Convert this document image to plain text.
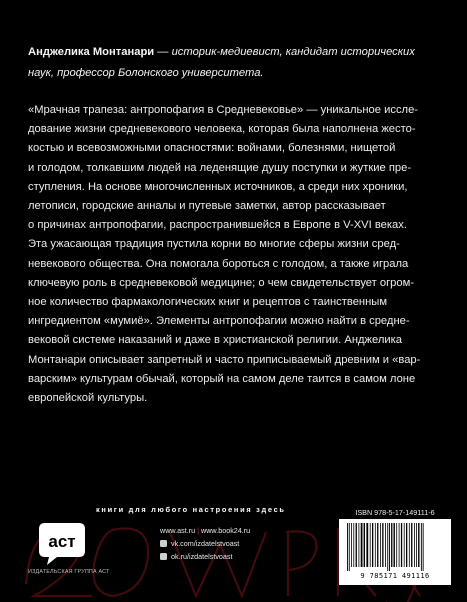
Анджелика Монтанари — историк-медиевист, кандидат исторических
наук, профессор Болонского университета.

«Мрачная трапеза: антропофагия в Средневековье» — уникальное иссле-
дование жизни средневекового человека, которая была наполнена жесто-
костью и всевозможными опасностями: войнами, болезнями, нищетой
и голодом, толкавшим людей на леденящие душу поступки и жуткие пре-
ступления. На основе многочисленных источников, а среди них хроники,
летописи, городские анналы и путевые заметки, автор рассказывает
о причинах антропофагии, распространившейся в Европе в V-XVI веках.
Эта ужасающая традиция пустила корни во многие сферы жизни сред-
невекового общества. Она помогала бороться с голодом, а также играла
ключевую роль в средневековой медицине; о чем свидетельствует огром-
ное количество фармакологических книг и рецептов с таинственным
ингредиентом «мумиё». Элементы антропофагии можно найти в средне-
вековой системе наказаний и даже в христианской религии. Анджелика
Монтанари описывает запретный и часто приписываемый древним и «вар-
варским» культурам обычай, который на самом деле таится в самом лоне
европейской культуры.

книги для любого настроения здесь
аст
ИЗДАТЕЛЬСКАЯ ГРУППА АСТ
www.ast.ru | www.book24.ru
vk.com/izdatelstvoast
ok.ru/izdatelstvoast
ISBN 978-5-17-149111-6
9 785171 491116
